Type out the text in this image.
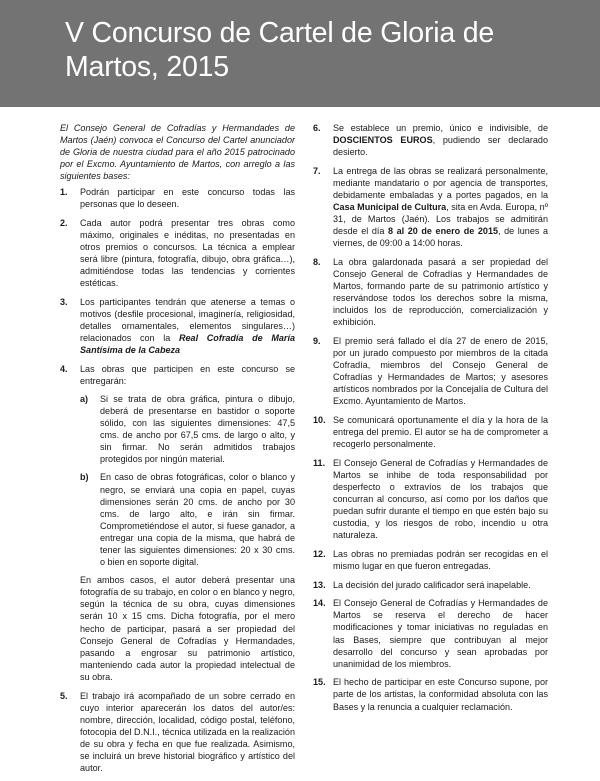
V Concurso de Cartel de Gloria de Martos, 2015

El Consejo General de Cofradías y Hermandades de Martos (Jaén) convoca el Concurso del Cartel anunciador de Gloria de nuestra ciudad para el año 2015 patrocinado por el Excmo. Ayuntamiento de Martos, con arreglo a las siguientes bases:

1. Podrán participar en este concurso todas las personas que lo deseen.
2. Cada autor podrá presentar tres obras como máximo, originales e inéditas, no presentadas en otros premios o concursos. La técnica a emplear será libre (pintura, fotografía, dibujo, obra gráfica…), admitiéndose todas las tendencias y corrientes estéticas.
3. Los participantes tendrán que atenerse a temas o motivos (desfile procesional, imaginería, religiosidad, detalles ornamentales, elementos singulares…) relacionados con la Real Cofradía de María Santísima de la Cabeza
4. Las obras que participen en este concurso se entregarán:
a) Si se trata de obra gráfica, pintura o dibujo, deberá de presentarse en bastidor o soporte sólido, con las siguientes dimensiones: 47,5 cms. de ancho por 67,5 cms. de largo o alto, y sin firmar. No serán admitidos trabajos protegidos por ningún material.
b) En caso de obras fotográficas, color o blanco y negro, se enviará una copia en papel, cuyas dimensiones serán 20 cms. de ancho por 30 cms. de largo alto, e irán sin firmar. Comprometiéndose el autor, si fuese ganador, a entregar una copia de la misma, que habrá de tener las siguientes dimensiones: 20 x 30 cms. o bien en soporte digital.

En ambos casos, el autor deberá presentar una fotografía de su trabajo, en color o en blanco y negro, según la técnica de su obra, cuyas dimensiones serán 10 x 15 cms. Dicha fotografía, por el mero hecho de participar, pasará a ser propiedad del Consejo General de Cofradías y Hermandades, pasando a engrosar su patrimonio artístico, manteniendo cada autor la propiedad intelectual de su obra.

5. El trabajo irá acompañado de un sobre cerrado en cuyo interior aparecerán los datos del autor/es: nombre, dirección, localidad, código postal, teléfono, fotocopia del D.N.I., técnica utilizada en la realización de su obra y fecha en que fue realizada. Asimismo, se incluirá un breve historial biográfico y artístico del autor.
6. Se establece un premio, único e indivisible, de DOSCIENTOS EUROS, pudiendo ser declarado desierto.
7. La entrega de las obras se realizará personalmente, mediante mandatario o por agencia de transportes, debidamente embaladas y a portes pagados, en la Casa Municipal de Cultura, sita en Avda. Europa, nº 31, de Martos (Jaén). Los trabajos se admitirán desde el día 8 al 20 de enero de 2015, de lunes a viernes, de 09:00 a 14:00 horas.
8. La obra galardonada pasará a ser propiedad del Consejo General de Cofradías y Hermandades de Martos, formando parte de su patrimonio artístico y reservándose todos los derechos sobre la misma, incluidos los de reproducción, comercialización y exhibición.
9. El premio será fallado el día 27 de enero de 2015, por un jurado compuesto por miembros de la citada Cofradía, miembros del Consejo General de Cofradías y Hermandades de Martos; y asesores artísticos nombrados por la Concejalía de Cultura del Excmo. Ayuntamiento de Martos.
10. Se comunicará oportunamente el día y la hora de la entrega del premio. El autor se ha de comprometer a recogerlo personalmente.
11. El Consejo General de Cofradías y Hermandades de Martos se inhibe de toda responsabilidad por desperfecto o extravíos de los trabajos que concurran al concurso, así como por los daños que puedan sufrir durante el tiempo en que estén bajo su custodia, y los riesgos de robo, incendio u otra naturaleza.
12. Las obras no premiadas podrán ser recogidas en el mismo lugar en que fueron entregadas.
13. La decisión del jurado calificador será inapelable.
14. El Consejo General de Cofradías y Hermandades de Martos se reserva el derecho de hacer modificaciones y tomar iniciativas no reguladas en las Bases, siempre que contribuyan al mejor desarrollo del concurso y sean aprobadas por unanimidad de los miembros.
15. El hecho de participar en este Concurso supone, por parte de los artistas, la conformidad absoluta con las Bases y la renuncia a cualquier reclamación.
